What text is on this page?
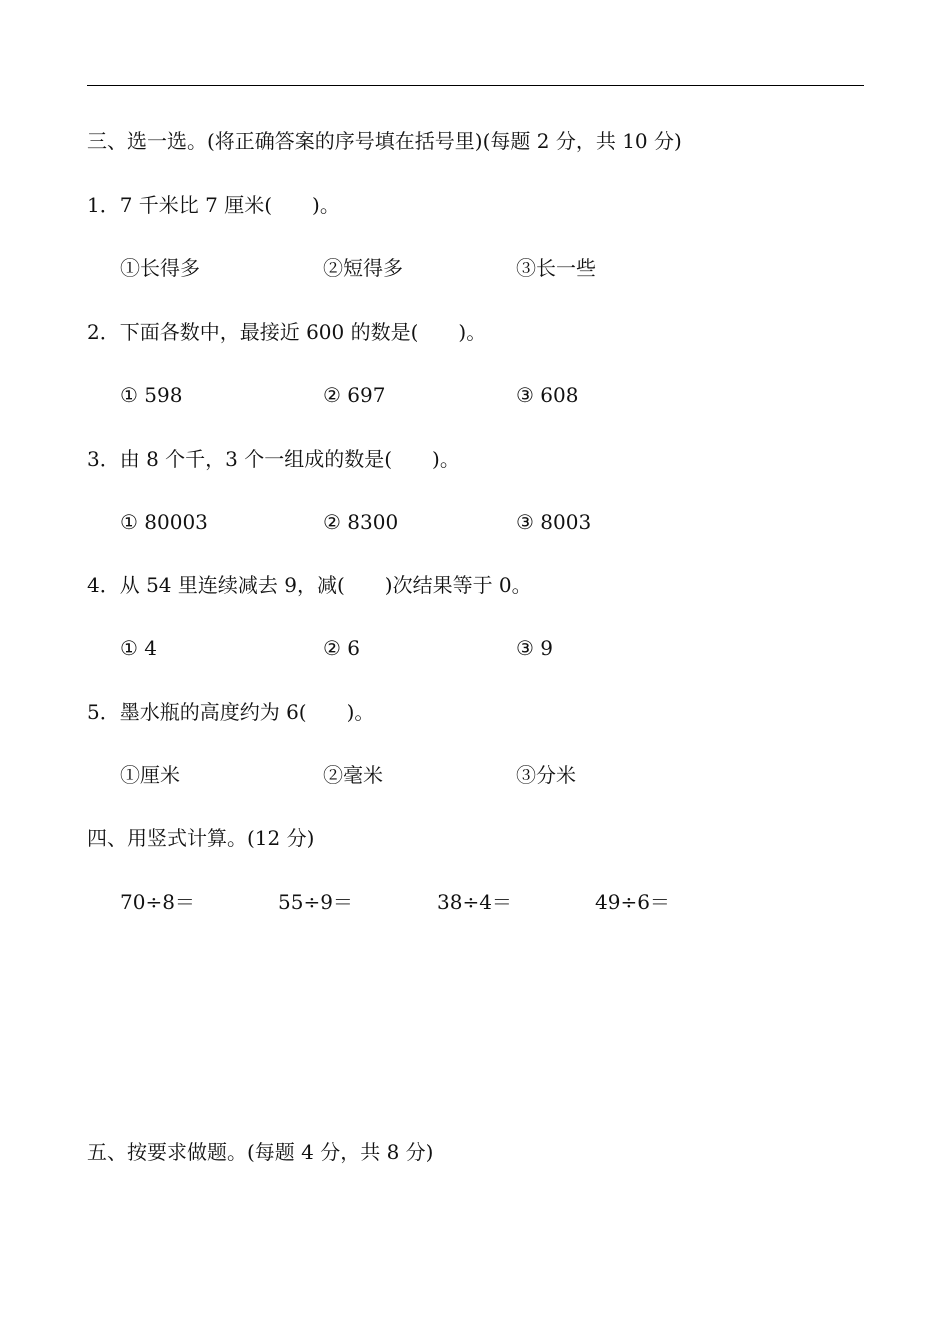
三、选一选。(将正确答案的序号填在括号里)(每题 2 分，共 10 分)
1．7 千米比 7 厘米(　　)。
①长得多	②短得多	③长一些
2．下面各数中，最接近 600 的数是(　　)。
① 598	② 697	③ 608
3．由 8 个千，3 个一组成的数是(　　)。
① 80003	② 8300	③ 8003
4．从 54 里连续减去 9，减(　　)次结果等于 0。
① 4	② 6	③ 9
5．墨水瓶的高度约为 6(　　)。
①厘米	②毫米	③分米
四、用竖式计算。(12 分)
70÷8＝	55÷9＝	38÷4＝	49÷6＝
五、按要求做题。(每题 4 分，共 8 分)
